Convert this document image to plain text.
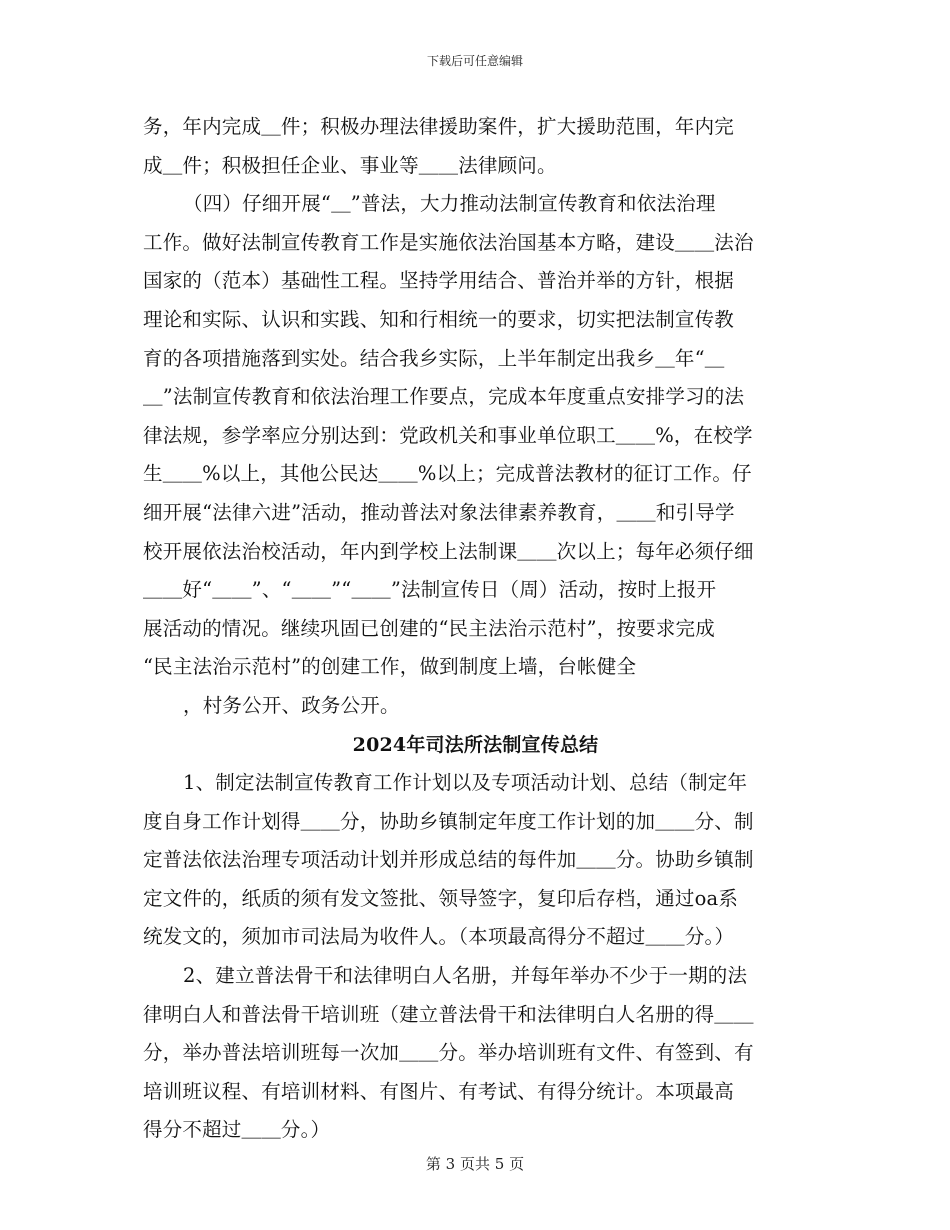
下载后可任意编辑
务，年内完成＿件；积极办理法律援助案件，扩大援助范围，年内完
成＿件；积极担任企业、事业等＿＿法律顾问。
（四）仔细开展“＿”普法，大力推动法制宣传教育和依法治理
工作。做好法制宣传教育工作是实施依法治国基本方略，建设＿＿法治
国家的（范本）基础性工程。坚持学用结合、普治并举的方针，根据
理论和实际、认识和实践、知和行相统一的要求，切实把法制宣传教
育的各项措施落到实处。结合我乡实际，上半年制定出我乡＿年“＿
＿”法制宣传教育和依法治理工作要点，完成本年度重点安排学习的法
律法规，参学率应分别达到：党政机关和事业单位职工＿＿%，在校学
生＿＿%以上，其他公民达＿＿%以上；完成普法教材的征订工作。仔
细开展“法律六进”活动，推动普法对象法律素养教育，＿＿和引导学
校开展依法治校活动，年内到学校上法制课＿＿次以上；每年必须仔细
＿＿好“＿＿”、“＿＿”“＿＿”法制宣传日（周）活动，按时上报开
展活动的情况。继续巩固已创建的“民主法治示范村”，按要求完成
“民主法治示范村”的创建工作，做到制度上墙，台帐健全
，村务公开、政务公开。
2024年司法所法制宣传总结
1、制定法制宣传教育工作计划以及专项活动计划、总结（制定年
度自身工作计划得＿＿分，协助乡镇制定年度工作计划的加＿＿分、制
定普法依法治理专项活动计划并形成总结的每件加＿＿分。协助乡镇制
定文件的，纸质的须有发文签批、领导签字，复印后存档，通过oa系
统发文的，须加市司法局为收件人。（本项最高得分不超过＿＿分。）
2、建立普法骨干和法律明白人名册，并每年举办不少于一期的法
律明白人和普法骨干培训班（建立普法骨干和法律明白人名册的得＿＿
分，举办普法培训班每一次加＿＿分。举办培训班有文件、有签到、有
培训班议程、有培训材料、有图片、有考试、有得分统计。本项最高
得分不超过＿＿分。）
第 3 页共 5 页
